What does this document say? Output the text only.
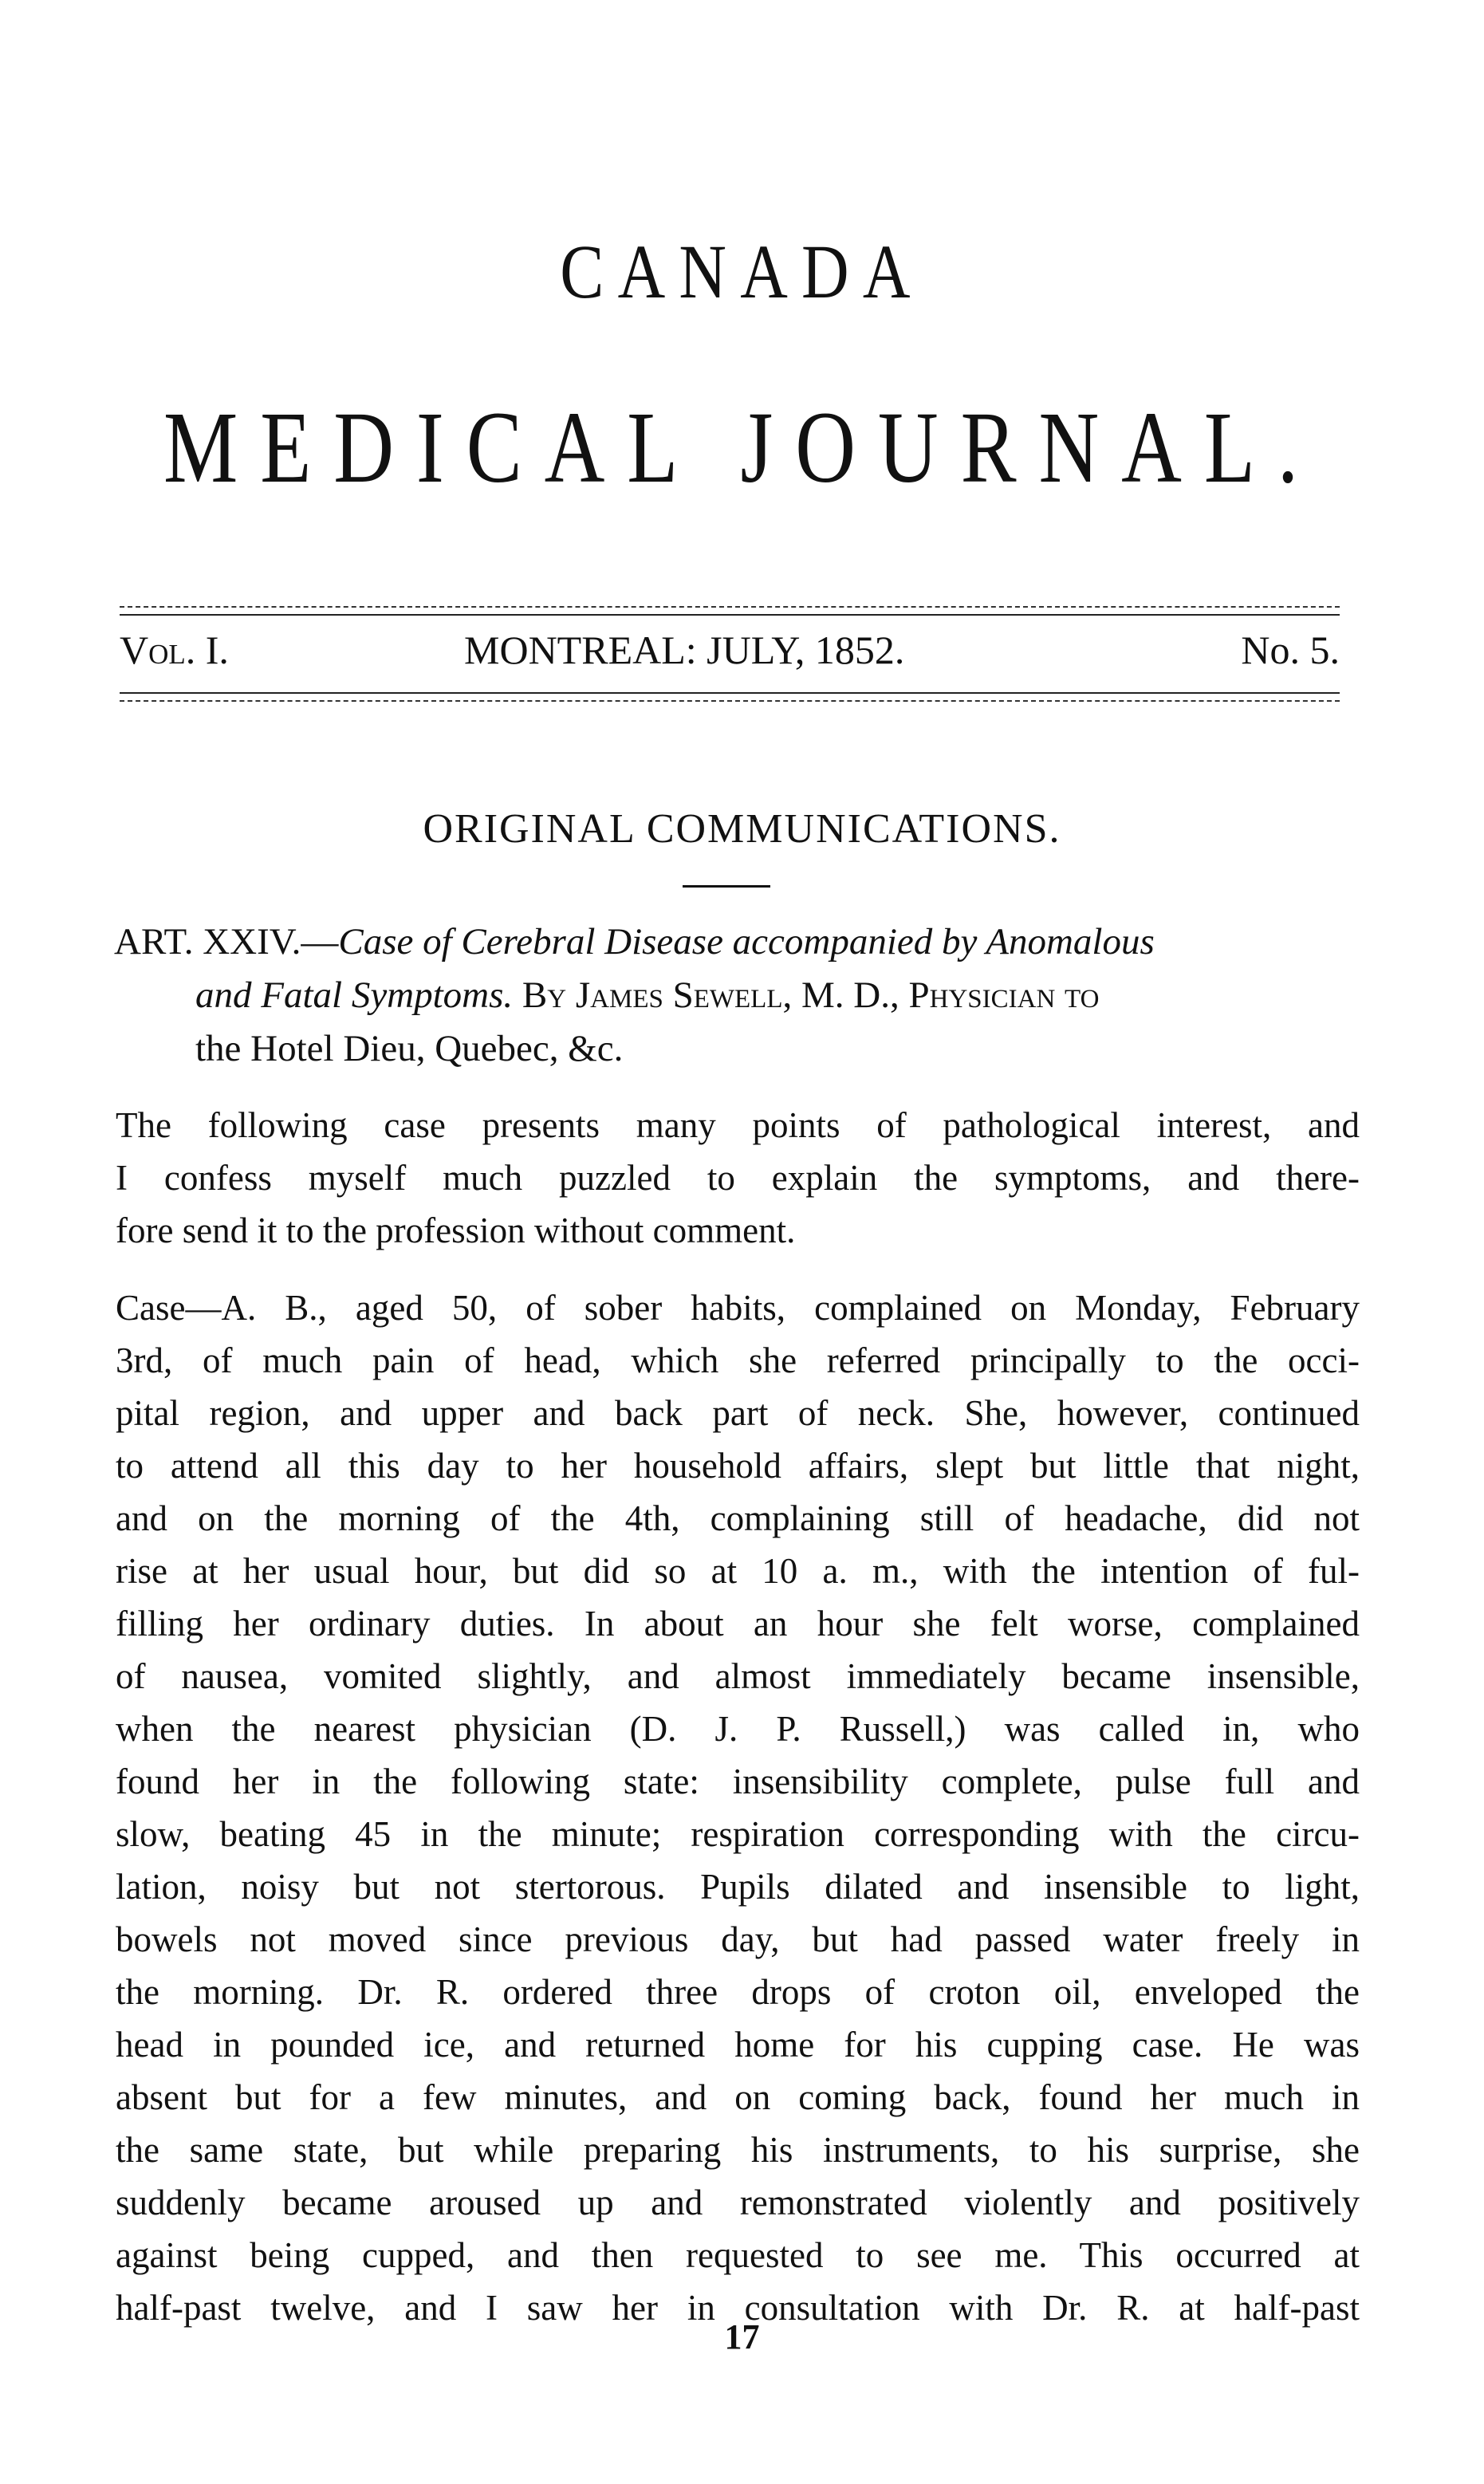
CANADA
MEDICAL JOURNAL.
Vol. I.	MONTREAL: JULY, 1852.	No. 5.
ORIGINAL COMMUNICATIONS.
ART. XXIV.—Case of Cerebral Disease accompanied by Anomalous
and Fatal Symptoms. By James Sewell, M. D., Physician to
the Hotel Dieu, Quebec, &c.
The following case presents many points of pathological interest, and
I confess myself much puzzled to explain the symptoms, and there-
fore send it to the profession without comment.
Case—A. B., aged 50, of sober habits, complained on Monday, February
3rd, of much pain of head, which she referred principally to the occi-
pital region, and upper and back part of neck. She, however, continued
to attend all this day to her household affairs, slept but little that night,
and on the morning of the 4th, complaining still of headache, did not
rise at her usual hour, but did so at 10 a. m., with the intention of ful-
filling her ordinary duties. In about an hour she felt worse, complained
of nausea, vomited slightly, and almost immediately became insensible,
when the nearest physician (D. J. P. Russell,) was called in, who
found her in the following state: insensibility complete, pulse full and
slow, beating 45 in the minute; respiration corresponding with the circu-
lation, noisy but not stertorous. Pupils dilated and insensible to light,
bowels not moved since previous day, but had passed water freely in
the morning. Dr. R. ordered three drops of croton oil, enveloped the
head in pounded ice, and returned home for his cupping case. He was
absent but for a few minutes, and on coming back, found her much in
the same state, but while preparing his instruments, to his surprise, she
suddenly became aroused up and remonstrated violently and positively
against being cupped, and then requested to see me. This occurred at
half-past twelve, and I saw her in consultation with Dr. R. at half-past
17
